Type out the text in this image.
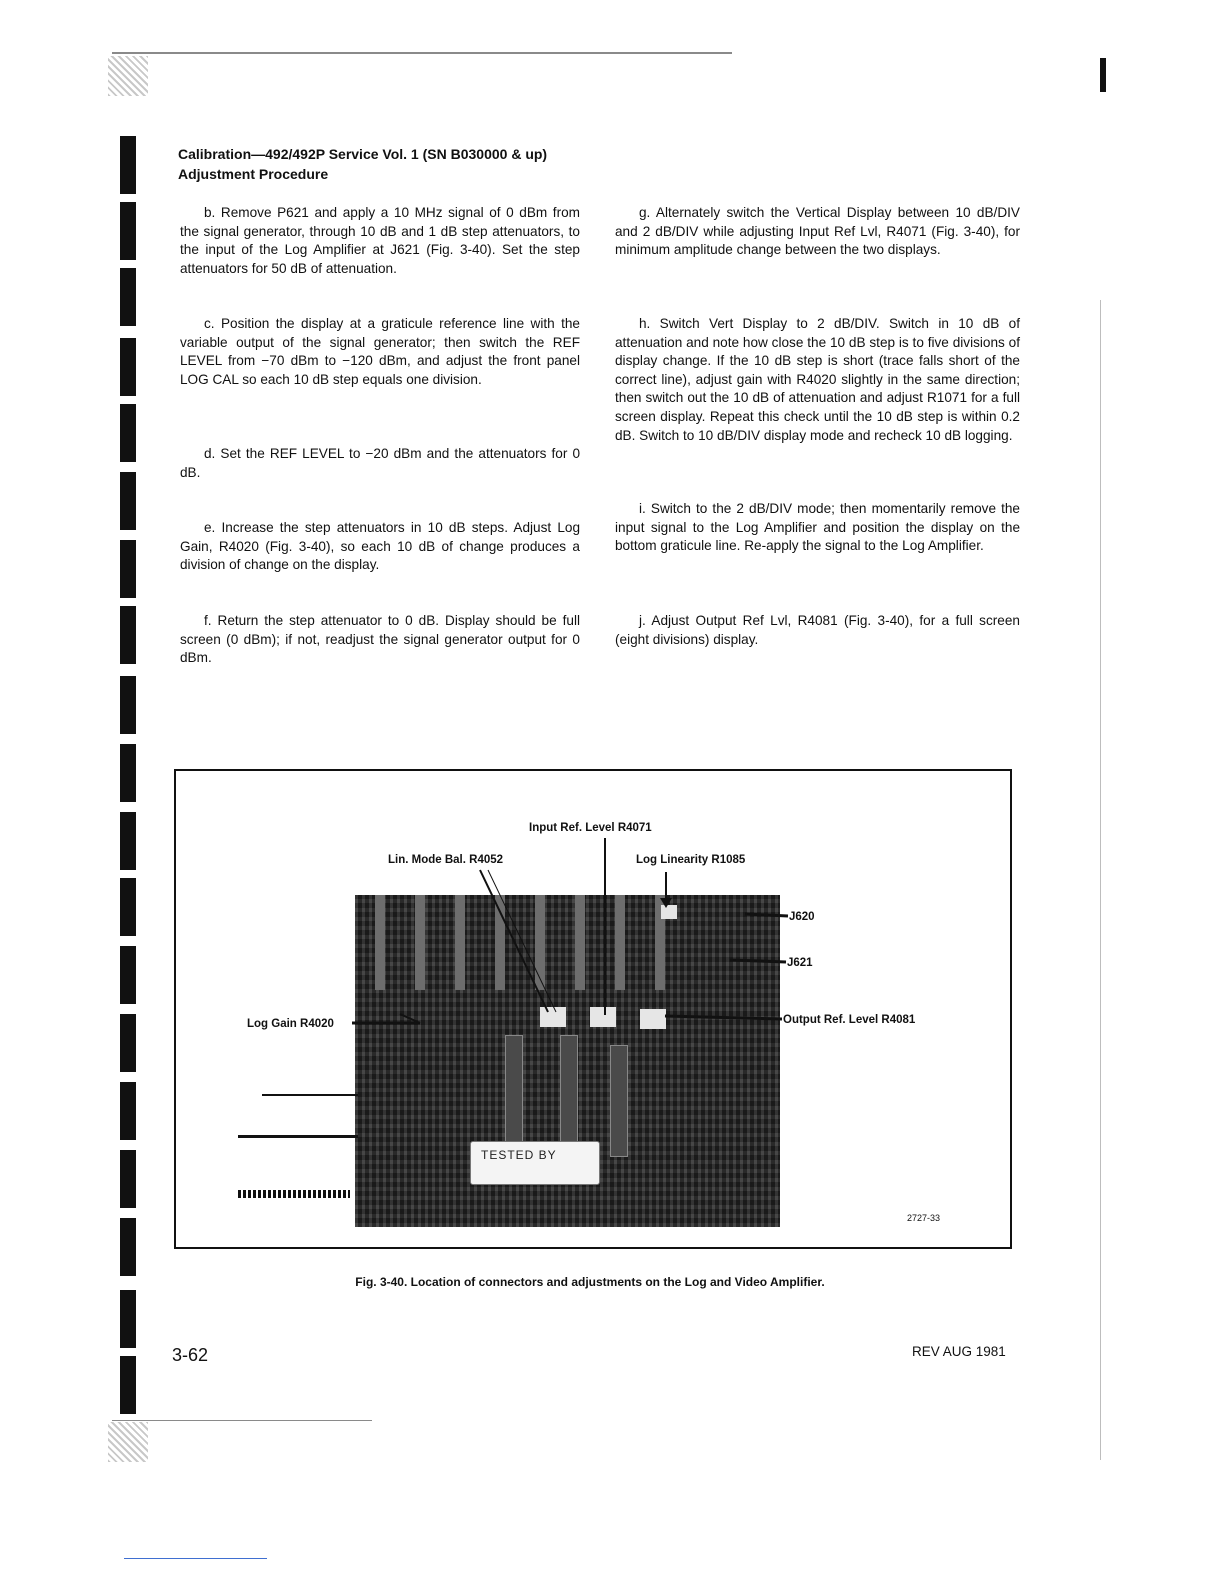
Calibration—492/492P Service Vol. 1 (SN B030000 & up)
Adjustment Procedure

b. Remove P621 and apply a 10 MHz signal of 0 dBm from the signal generator, through 10 dB and 1 dB step attenuators, to the input of the Log Amplifier at J621 (Fig. 3-40). Set the step attenuators for 50 dB of attenuation.

c. Position the display at a graticule reference line with the variable output of the signal generator; then switch the REF LEVEL from −70 dBm to −120 dBm, and adjust the front panel LOG CAL so each 10 dB step equals one division.

d. Set the REF LEVEL to −20 dBm and the attenuators for 0 dB.

e. Increase the step attenuators in 10 dB steps. Adjust Log Gain, R4020 (Fig. 3-40), so each 10 dB of change produces a division of change on the display.

f. Return the step attenuator to 0 dB. Display should be full screen (0 dBm); if not, readjust the signal generator output for 0 dBm.

g. Alternately switch the Vertical Display between 10 dB/DIV and 2 dB/DIV while adjusting Input Ref Lvl, R4071 (Fig. 3-40), for minimum amplitude change between the two displays.

h. Switch Vert Display to 2 dB/DIV. Switch in 10 dB of attenuation and note how close the 10 dB step is to five divisions of display change. If the 10 dB step is short (trace falls short of the correct line), adjust gain with R4020 slightly in the same direction; then switch out the 10 dB of attenuation and adjust R1071 for a full screen display. Repeat this check until the 10 dB step is within 0.2 dB. Switch to 10 dB/DIV display mode and recheck 10 dB logging.

i. Switch to the 2 dB/DIV mode; then momentarily remove the input signal to the Log Amplifier and position the display on the bottom graticule line. Re-apply the signal to the Log Amplifier.

j. Adjust Output Ref Lvl, R4081 (Fig. 3-40), for a full screen (eight divisions) display.

TESTED BY
Input Ref. Level R4071
Lin. Mode Bal. R4052	Log Linearity R1085
J620
J621
Output Ref. Level R4081
Log Gain R4020
2727-33
Fig. 3-40. Location of connectors and adjustments on the Log and Video Amplifier.
3-62	REV AUG 1981
